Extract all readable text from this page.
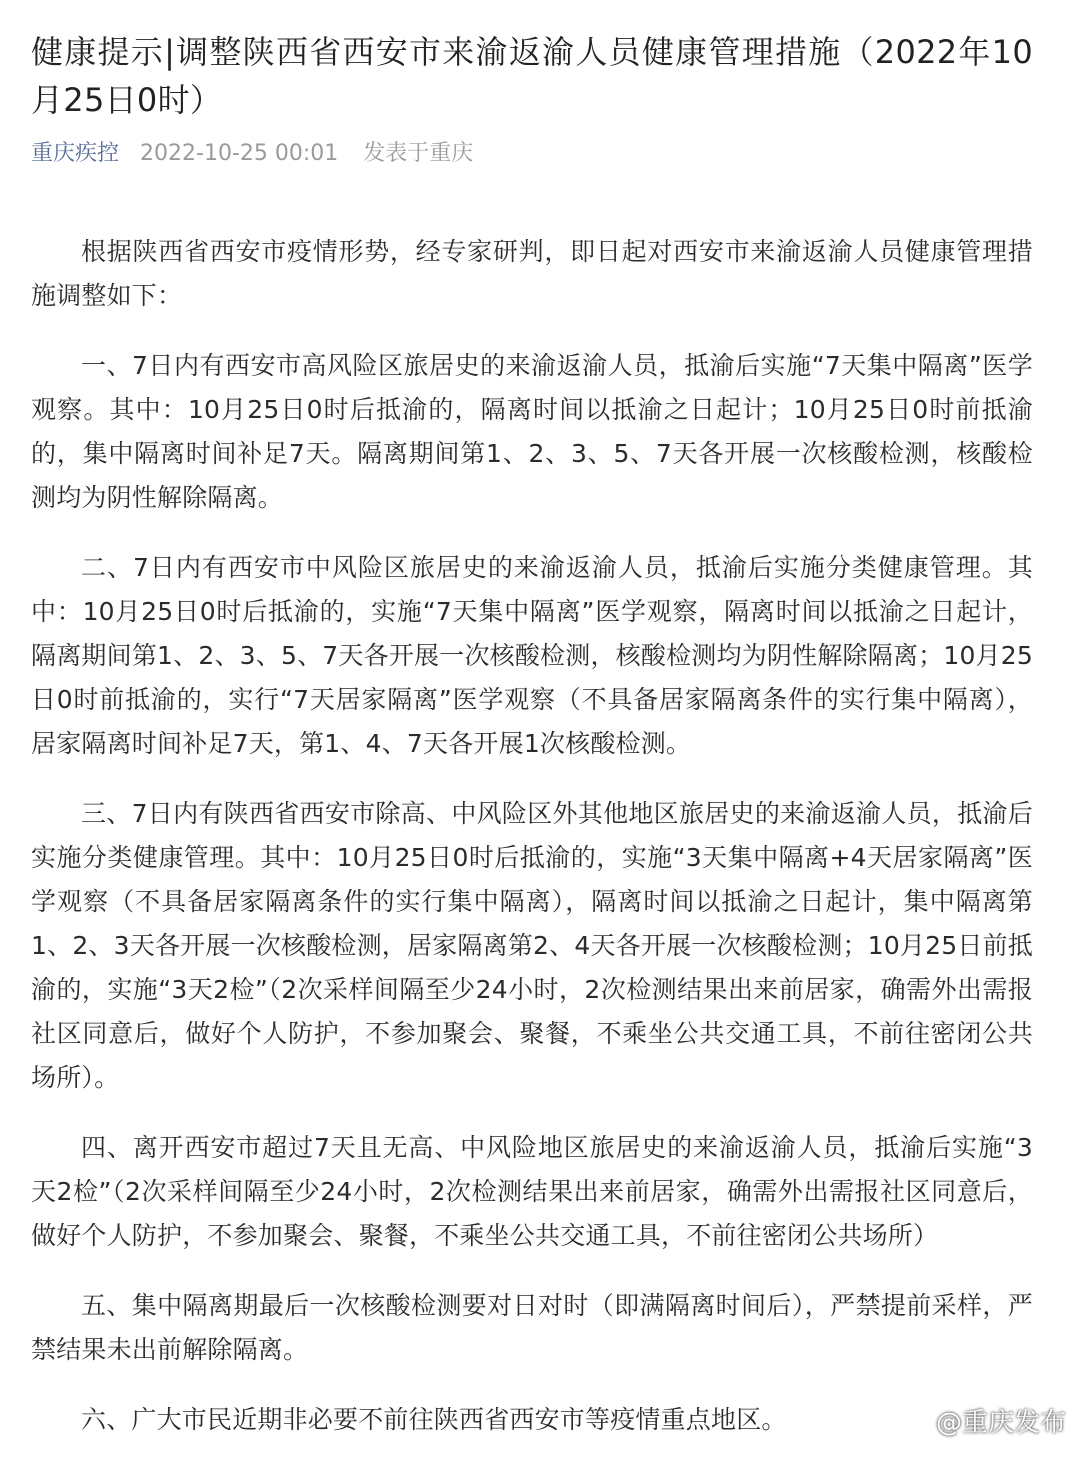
健康提示|调整陕西省西安市来渝返渝人员健康管理措施（2022年10月25日0时）
重庆疾控 2022-10-25 00:01 发表于重庆

根据陕西省西安市疫情形势，经专家研判，即日起对西安市来渝返渝人员健康管理措施调整如下：

一、7日内有西安市高风险区旅居史的来渝返渝人员，抵渝后实施“7天集中隔离”医学观察。其中：10月25日0时后抵渝的，隔离时间以抵渝之日起计；10月25日0时前抵渝的，集中隔离时间补足7天。隔离期间第1、2、3、5、7天各开展一次核酸检测，核酸检测均为阴性解除隔离。

二、7日内有西安市中风险区旅居史的来渝返渝人员，抵渝后实施分类健康管理。其中：10月25日0时后抵渝的，实施“7天集中隔离”医学观察，隔离时间以抵渝之日起计，隔离期间第1、2、3、5、7天各开展一次核酸检测，核酸检测均为阴性解除隔离；10月25日0时前抵渝的，实行“7天居家隔离”医学观察（不具备居家隔离条件的实行集中隔离），居家隔离时间补足7天，第1、4、7天各开展1次核酸检测。

三、7日内有陕西省西安市除高、中风险区外其他地区旅居史的来渝返渝人员，抵渝后实施分类健康管理。其中：10月25日0时后抵渝的，实施“3天集中隔离+4天居家隔离”医学观察（不具备居家隔离条件的实行集中隔离），隔离时间以抵渝之日起计，集中隔离第1、2、3天各开展一次核酸检测，居家隔离第2、4天各开展一次核酸检测；10月25日前抵渝的，实施“3天2检”（2次采样间隔至少24小时，2次检测结果出来前居家，确需外出需报社区同意后，做好个人防护，不参加聚会、聚餐，不乘坐公共交通工具，不前往密闭公共场所）。

四、离开西安市超过7天且无高、中风险地区旅居史的来渝返渝人员，抵渝后实施“3天2检”（2次采样间隔至少24小时，2次检测结果出来前居家，确需外出需报社区同意后，做好个人防护，不参加聚会、聚餐，不乘坐公共交通工具，不前往密闭公共场所）

五、集中隔离期最后一次核酸检测要对日对时（即满隔离时间后），严禁提前采样，严禁结果未出前解除隔离。

六、广大市民近期非必要不前往陕西省西安市等疫情重点地区。	@重庆发布
